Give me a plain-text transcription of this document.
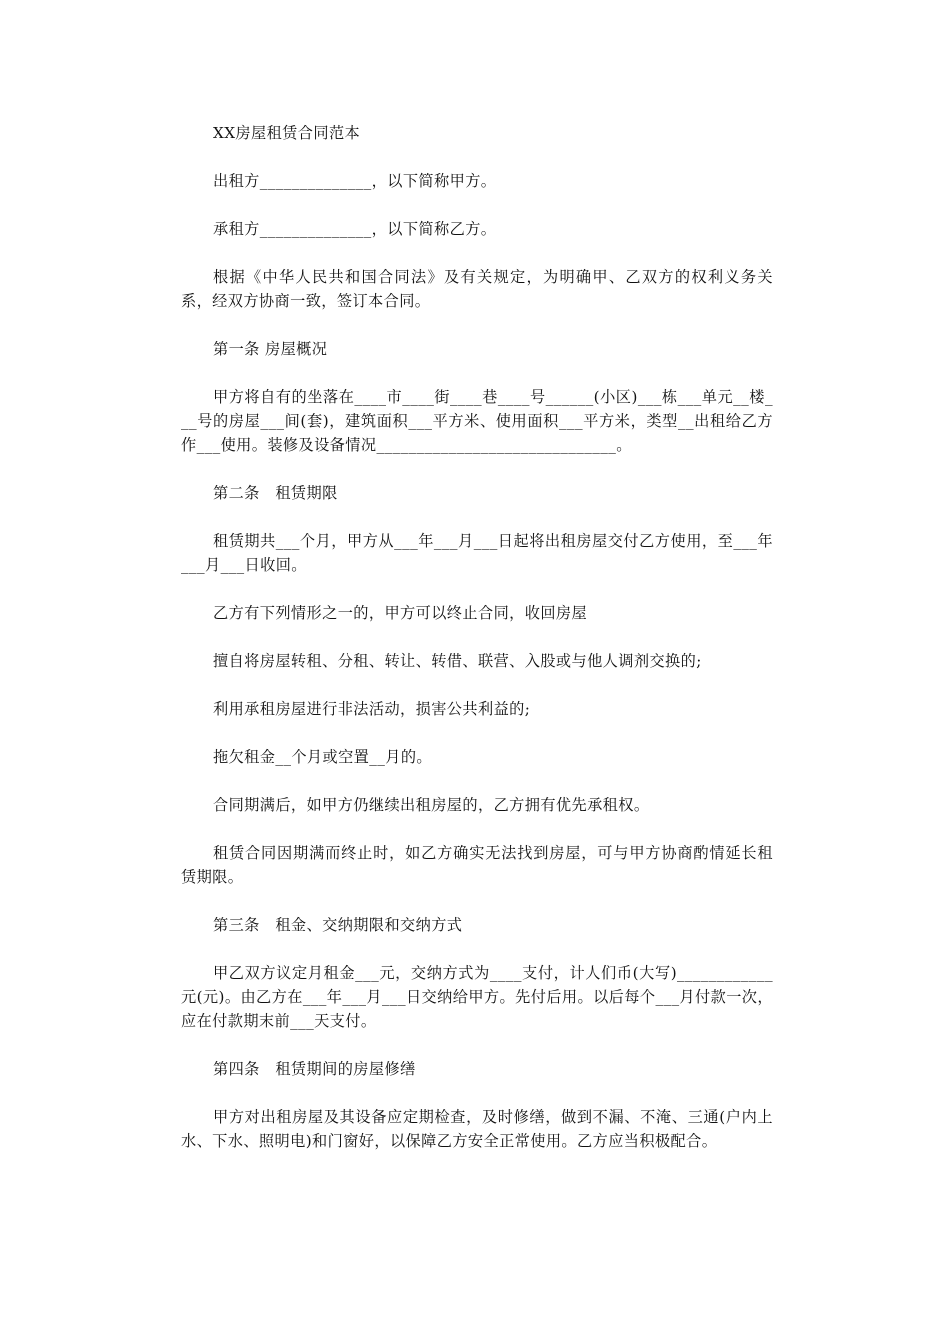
XX房屋租赁合同范本

出租方______________，以下简称甲方。

承租方______________，以下简称乙方。

根据《中华人民共和国合同法》及有关规定，为明确甲、乙双方的权利义务关系，经双方协商一致，签订本合同。

第一条 房屋概况

甲方将自有的坐落在____市____街____巷____号______(小区)___栋___单元__楼___号的房屋___间(套)，建筑面积___平方米、使用面积___平方米，类型__出租给乙方作___使用。装修及设备情况______________________________。

第二条　租赁期限

租赁期共___个月，甲方从___年___月___日起将出租房屋交付乙方使用，至___年___月___日收回。

乙方有下列情形之一的，甲方可以终止合同，收回房屋

擅自将房屋转租、分租、转让、转借、联营、入股或与他人调剂交换的;

利用承租房屋进行非法活动，损害公共利益的;

拖欠租金__个月或空置__月的。

合同期满后，如甲方仍继续出租房屋的，乙方拥有优先承租权。

租赁合同因期满而终止时，如乙方确实无法找到房屋，可与甲方协商酌情延长租赁期限。

第三条　租金、交纳期限和交纳方式

甲乙双方议定月租金___元，交纳方式为____支付，计人们币(大写)____________元(元)。由乙方在___年___月___日交纳给甲方。先付后用。以后每个___月付款一次，应在付款期末前___天支付。

第四条　租赁期间的房屋修缮

甲方对出租房屋及其设备应定期检查，及时修缮，做到不漏、不淹、三通(户内上水、下水、照明电)和门窗好，以保障乙方安全正常使用。乙方应当积极配合。
